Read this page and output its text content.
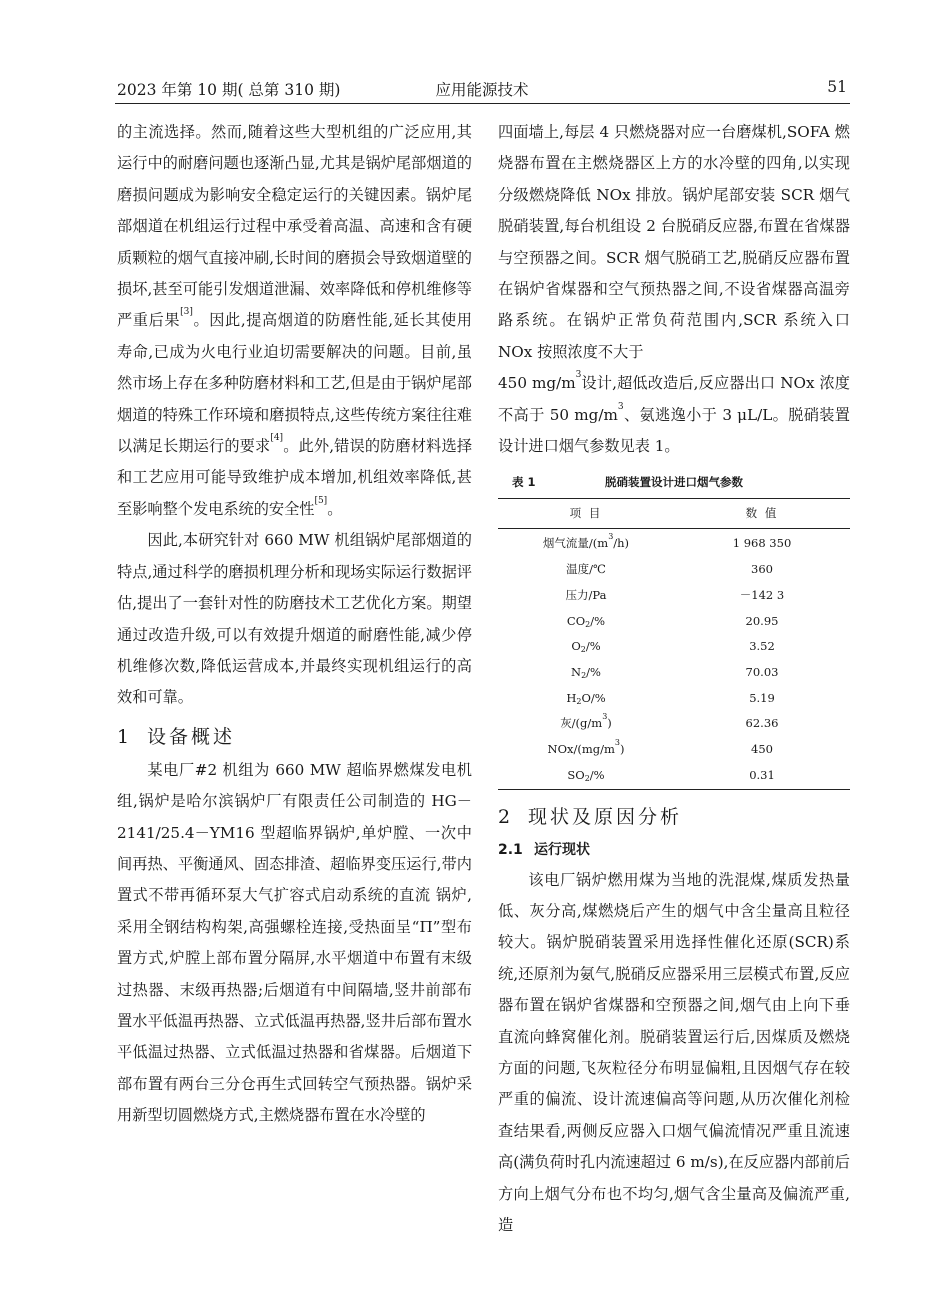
2023 年第 10 期( 总第 310 期)	应用能源技术	51

的主流选择。然而,随着这些大型机组的广泛应用,其运行中的耐磨问题也逐渐凸显,尤其是锅炉尾部烟道的磨损问题成为影响安全稳定运行的关键因素。锅炉尾部烟道在机组运行过程中承受着高温、高速和含有硬质颗粒的烟气直接冲刷,长时间的磨损会导致烟道壁的损坏,甚至可能引发烟道泄漏、效率降低和停机维修等严重后果[3]。因此,提高烟道的防磨性能,延长其使用寿命,已成为火电行业迫切需要解决的问题。目前,虽然市场上存在多种防磨材料和工艺,但是由于锅炉尾部烟道的特殊工作环境和磨损特点,这些传统方案往往难以满足长期运行的要求[4]。此外,错误的防磨材料选择和工艺应用可能导致维护成本增加,机组效率降低,甚至影响整个发电系统的安全性[5]。

因此,本研究针对 660 MW 机组锅炉尾部烟道的特点,通过科学的磨损机理分析和现场实际运行数据评估,提出了一套针对性的防磨技术工艺优化方案。期望通过改造升级,可以有效提升烟道的耐磨性能,减少停机维修次数,降低运营成本,并最终实现机组运行的高效和可靠。

1 设备概述

某电厂#2 机组为 660 MW 超临界燃煤发电机组,锅炉是哈尔滨锅炉厂有限责任公司制造的 HG－2141/25.4－YM16 型超临界锅炉,单炉膛、一次中间再热、平衡通风、固态排渣、超临界变压运行,带内置式不带再循环泵大气扩容式启动系统的直流 锅炉,采用全钢结构构架,高强螺栓连接,受热面呈“Π”型布置方式,炉膛上部布置分隔屏,水平烟道中布置有末级过热器、末级再热器;后烟道有中间隔墙,竖井前部布置水平低温再热器、立式低温再热器,竖井后部布置水平低温过热器、立式低温过热器和省煤器。后烟道下部布置有两台三分仓再生式回转空气预热器。锅炉采用新型切圆燃烧方式,主燃烧器布置在水冷壁的

四面墙上,每层 4 只燃烧器对应一台磨煤机,SOFA 燃烧器布置在主燃烧器区上方的水冷壁的四角,以实现分级燃烧降低 NOx 排放。锅炉尾部安装 SCR 烟气脱硝装置,每台机组设 2 台脱硝反应器,布置在省煤器与空预器之间。SCR 烟气脱硝工艺,脱硝反应器布置在锅炉省煤器和空气预热器之间,不设省煤器高温旁路系统。在锅炉正常负荷范围内,SCR 系统入口 NOx 按照浓度不大于
450 $mg/m^3$设计,超低改造后,反应器出口 NOx 浓度不高于 50 $mg/m^3$、氨逃逸小于 3 μL/L。脱硝装置设计进口烟气参数见表 1。

表 1	脱硝装置设计进口烟气参数
项 目	数 值
烟气流量$/(m^3/h)$	1 968 350
温度/℃	360
压力/Pa	－142 3
$CO_2/\%$	20.95
$O_2/\%$	3.52
$N_2/\%$	70.03
$H_2O/\%$	5.19
灰$/(g/m^3)$	62.36
NOx/$(mg/m^3)$	450
$SO_2/\%$	0.31
2 现状及原因分析
2.1 运行现状

该电厂锅炉燃用煤为当地的洗混煤,煤质发热量低、灰分高,煤燃烧后产生的烟气中含尘量高且粒径较大。锅炉脱硝装置采用选择性催化还原(SCR)系统,还原剂为氨气,脱硝反应器采用三层模式布置,反应器布置在锅炉省煤器和空预器之间,烟气由上向下垂直流向蜂窝催化剂。脱硝装置运行后,因煤质及燃烧方面的问题,飞灰粒径分布明显偏粗,且因烟气存在较严重的偏流、设计流速偏高等问题,从历次催化剂检查结果看,两侧反应器入口烟气偏流情况严重且流速高(满负荷时孔内流速超过 6 m/s),在反应器内部前后方向上烟气分布也不均匀,烟气含尘量高及偏流严重,造
